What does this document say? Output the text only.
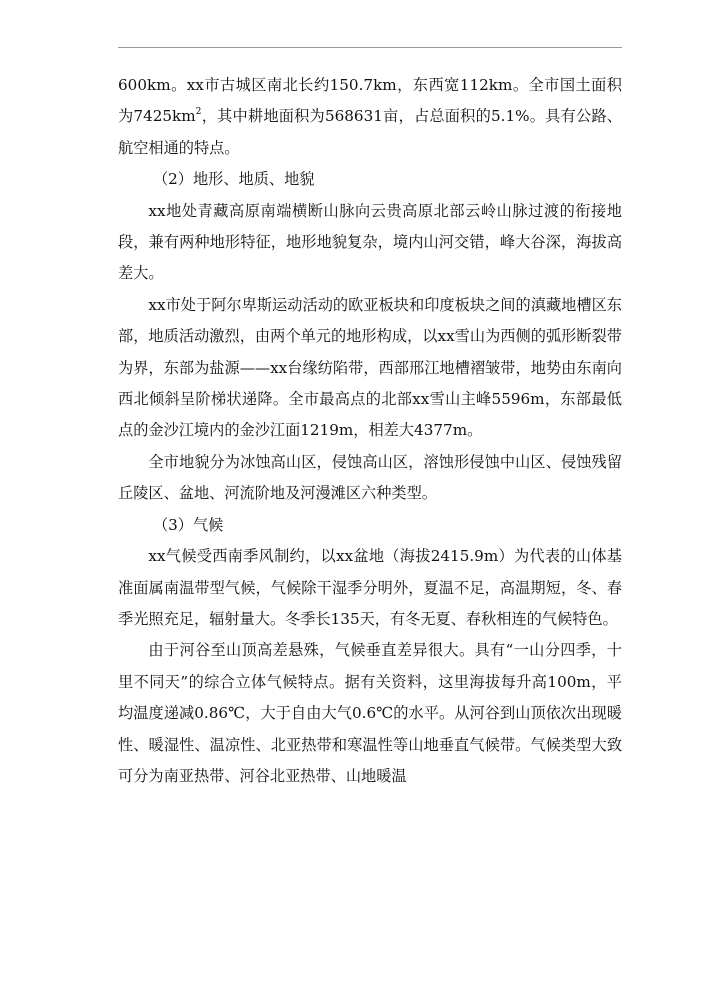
600km。xx市古城区南北长约150.7km，东西宽112km。全市国土面积为$7425km^2$，其中耕地面积为568631亩，占总面积的5.1%。具有公路、航空相通的特点。

（2）地形、地质、地貌

xx地处青藏高原南端横断山脉向云贵高原北部云岭山脉过渡的衔接地段，兼有两种地形特征，地形地貌复杂，境内山河交错，峰大谷深，海拔高差大。

xx市处于阿尔卑斯运动活动的欧亚板块和印度板块之间的滇藏地槽区东部，地质活动激烈，由两个单元的地形构成，以xx雪山为西侧的弧形断裂带为界，东部为盐源——xx台缘纺陷带，西部邢江地槽褶皱带，地势由东南向西北倾斜呈阶梯状递降。全市最高点的北部xx雪山主峰5596m，东部最低点的金沙江境内的金沙江面1219m，相差大4377m。

全市地貌分为冰蚀高山区，侵蚀高山区，溶蚀形侵蚀中山区、侵蚀残留丘陵区、盆地、河流阶地及河漫滩区六种类型。

（3）气候

xx气候受西南季风制约，以xx盆地（海拔2415.9m）为代表的山体基准面属南温带型气候，气候除干湿季分明外，夏温不足，高温期短，冬、春季光照充足，辐射量大。冬季长135天，有冬无夏、春秋相连的气候特色。

由于河谷至山顶高差悬殊，气候垂直差异很大。具有“一山分四季，十里不同天”的综合立体气候特点。据有关资料，这里海拔每升高100m，平均温度递减0.86℃，大于自由大气0.6℃的水平。从河谷到山顶依次出现暖性、暖湿性、温凉性、北亚热带和寒温性等山地垂直气候带。气候类型大致可分为南亚热带、河谷北亚热带、山地暖温
